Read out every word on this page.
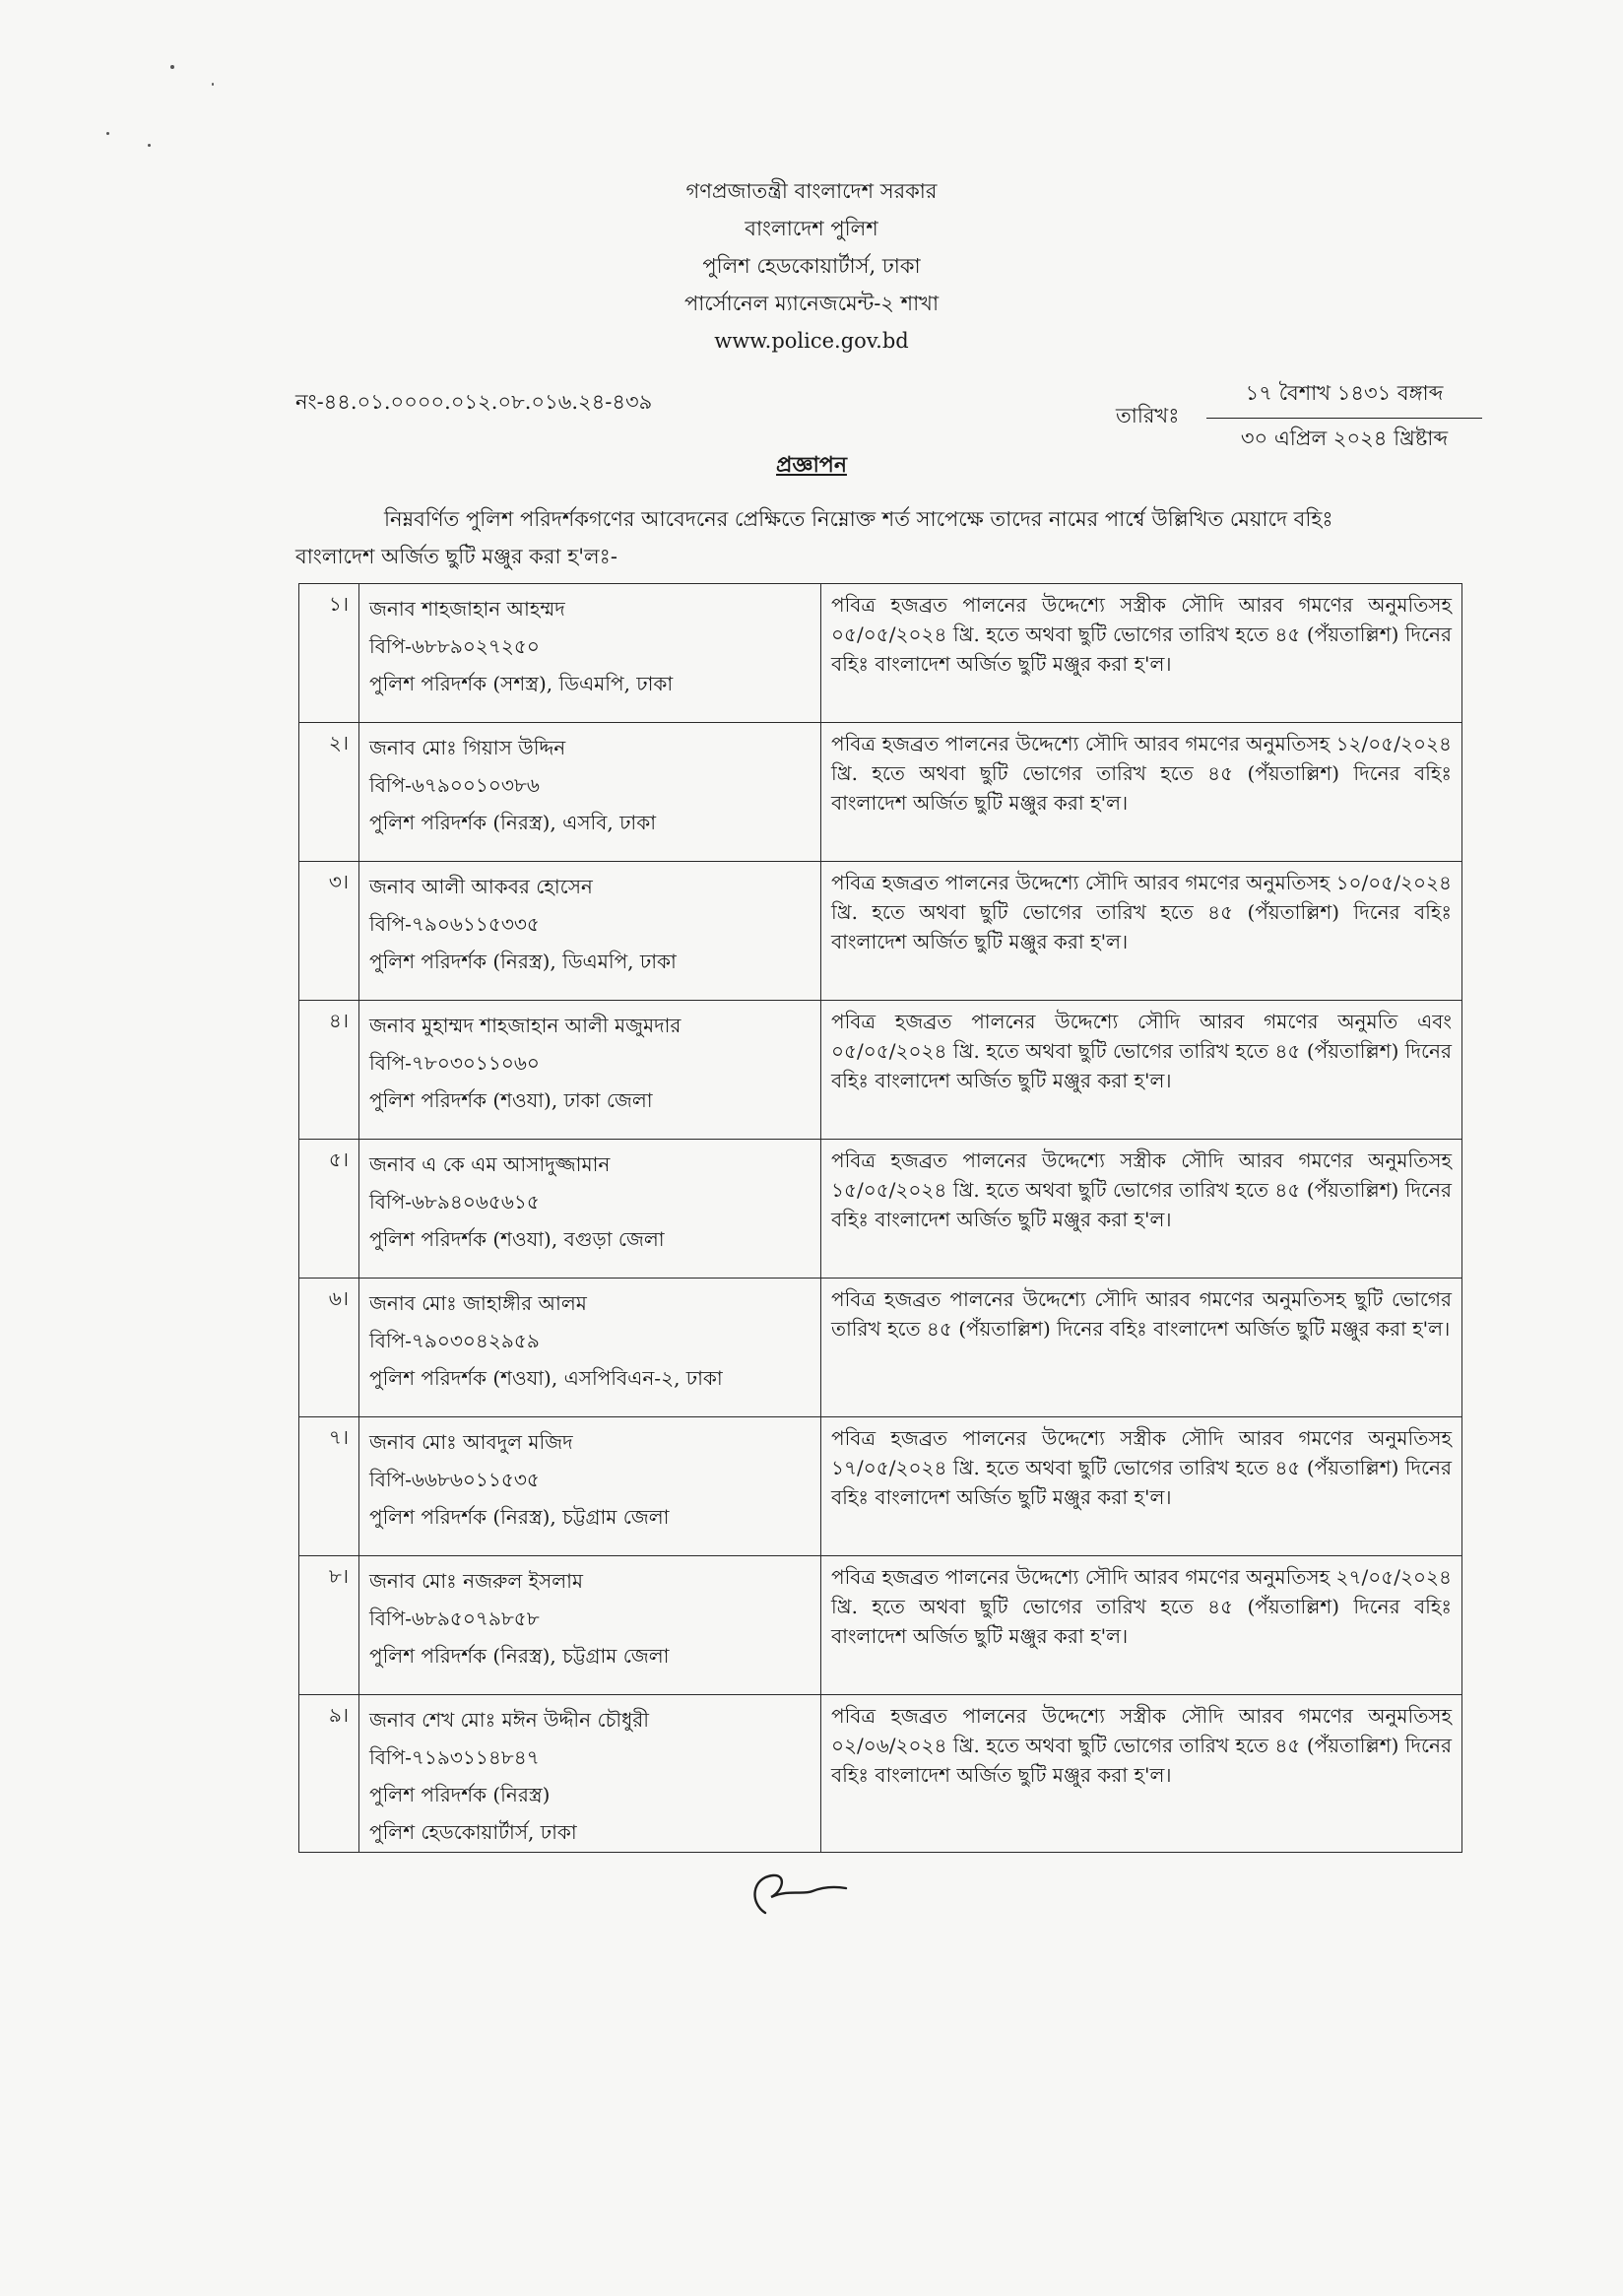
গণপ্রজাতন্ত্রী বাংলাদেশ সরকার
বাংলাদেশ পুলিশ
পুলিশ হেডকোয়ার্টার্স, ঢাকা
পার্সোনেল ম্যানেজমেন্ট-২ শাখা
www.police.gov.bd
নং-৪৪.০১.০০০০.০১২.০৮.০১৬.২৪-৪৩৯
তারিখঃ
১৭ বৈশাখ ১৪৩১ বঙ্গাব্দ
৩০ এপ্রিল ২০২৪ খ্রিষ্টাব্দ
প্রজ্ঞাপন
নিম্নবর্ণিত পুলিশ পরিদর্শকগণের আবেদনের প্রেক্ষিতে নিম্নোক্ত শর্ত সাপেক্ষে তাদের নামের পার্শ্বে উল্লিখিত মেয়াদে বহিঃ
বাংলাদেশ অর্জিত ছুটি মঞ্জুর করা হ'লঃ-
১।	জনাব শাহজাহান আহম্মদ
বিপি-৬৮৮৯০২৭২৫০
পুলিশ পরিদর্শক (সশস্ত্র), ডিএমপি, ঢাকা	পবিত্র হজব্রত পালনের উদ্দেশ্যে সস্ত্রীক সৌদি আরব গমণের অনুমতিসহ ০৫/০৫/২০২৪ খ্রি. হতে অথবা ছুটি ভোগের তারিখ হতে ৪৫ (পঁয়তাল্লিশ) দিনের বহিঃ বাংলাদেশ অর্জিত ছুটি মঞ্জুর করা হ'ল।
২।	জনাব মোঃ গিয়াস উদ্দিন
বিপি-৬৭৯০০১০৩৮৬
পুলিশ পরিদর্শক (নিরস্ত্র), এসবি, ঢাকা	পবিত্র হজব্রত পালনের উদ্দেশ্যে সৌদি আরব গমণের অনুমতিসহ ১২/০৫/২০২৪ খ্রি. হতে অথবা ছুটি ভোগের তারিখ হতে ৪৫ (পঁয়তাল্লিশ) দিনের বহিঃ বাংলাদেশ অর্জিত ছুটি মঞ্জুর করা হ'ল।
৩।	জনাব আলী আকবর হোসেন
বিপি-৭৯০৬১১৫৩৩৫
পুলিশ পরিদর্শক (নিরস্ত্র), ডিএমপি, ঢাকা	পবিত্র হজব্রত পালনের উদ্দেশ্যে সৌদি আরব গমণের অনুমতিসহ ১০/০৫/২০২৪ খ্রি. হতে অথবা ছুটি ভোগের তারিখ হতে ৪৫ (পঁয়তাল্লিশ) দিনের বহিঃ বাংলাদেশ অর্জিত ছুটি মঞ্জুর করা হ'ল।
৪।	জনাব মুহাম্মদ শাহজাহান আলী মজুমদার
বিপি-৭৮০৩০১১০৬০
পুলিশ পরিদর্শক (শওযা), ঢাকা জেলা	পবিত্র হজব্রত পালনের উদ্দেশ্যে সৌদি আরব গমণের অনুমতি এবং ০৫/০৫/২০২৪ খ্রি. হতে অথবা ছুটি ভোগের তারিখ হতে ৪৫ (পঁয়তাল্লিশ) দিনের বহিঃ বাংলাদেশ অর্জিত ছুটি মঞ্জুর করা হ'ল।
৫।	জনাব এ কে এম আসাদুজ্জামান
বিপি-৬৮৯৪০৬৫৬১৫
পুলিশ পরিদর্শক (শওযা), বগুড়া জেলা	পবিত্র হজব্রত পালনের উদ্দেশ্যে সস্ত্রীক সৌদি আরব গমণের অনুমতিসহ ১৫/০৫/২০২৪ খ্রি. হতে অথবা ছুটি ভোগের তারিখ হতে ৪৫ (পঁয়তাল্লিশ) দিনের বহিঃ বাংলাদেশ অর্জিত ছুটি মঞ্জুর করা হ'ল।
৬।	জনাব মোঃ জাহাঙ্গীর আলম
বিপি-৭৯০৩০৪২৯৫৯
পুলিশ পরিদর্শক (শওযা), এসপিবিএন-২, ঢাকা	পবিত্র হজব্রত পালনের উদ্দেশ্যে সৌদি আরব গমণের অনুমতিসহ ছুটি ভোগের তারিখ হতে ৪৫ (পঁয়তাল্লিশ) দিনের বহিঃ বাংলাদেশ অর্জিত ছুটি মঞ্জুর করা হ'ল।
৭।	জনাব মোঃ আবদুল মজিদ
বিপি-৬৬৮৬০১১৫৩৫
পুলিশ পরিদর্শক (নিরস্ত্র), চট্টগ্রাম জেলা	পবিত্র হজব্রত পালনের উদ্দেশ্যে সস্ত্রীক সৌদি আরব গমণের অনুমতিসহ ১৭/০৫/২০২৪ খ্রি. হতে অথবা ছুটি ভোগের তারিখ হতে ৪৫ (পঁয়তাল্লিশ) দিনের বহিঃ বাংলাদেশ অর্জিত ছুটি মঞ্জুর করা হ'ল।
৮।	জনাব মোঃ নজরুল ইসলাম
বিপি-৬৮৯৫০৭৯৮৫৮
পুলিশ পরিদর্শক (নিরস্ত্র), চট্টগ্রাম জেলা	পবিত্র হজব্রত পালনের উদ্দেশ্যে সৌদি আরব গমণের অনুমতিসহ ২৭/০৫/২০২৪ খ্রি. হতে অথবা ছুটি ভোগের তারিখ হতে ৪৫ (পঁয়তাল্লিশ) দিনের বহিঃ বাংলাদেশ অর্জিত ছুটি মঞ্জুর করা হ'ল।
৯।	জনাব শেখ মোঃ মঈন উদ্দীন চৌধুরী
বিপি-৭১৯৩১১৪৮৪৭
পুলিশ পরিদর্শক (নিরস্ত্র)
পুলিশ হেডকোয়ার্টার্স, ঢাকা	পবিত্র হজব্রত পালনের উদ্দেশ্যে সস্ত্রীক সৌদি আরব গমণের অনুমতিসহ ০২/০৬/২০২৪ খ্রি. হতে অথবা ছুটি ভোগের তারিখ হতে ৪৫ (পঁয়তাল্লিশ) দিনের বহিঃ বাংলাদেশ অর্জিত ছুটি মঞ্জুর করা হ'ল।
